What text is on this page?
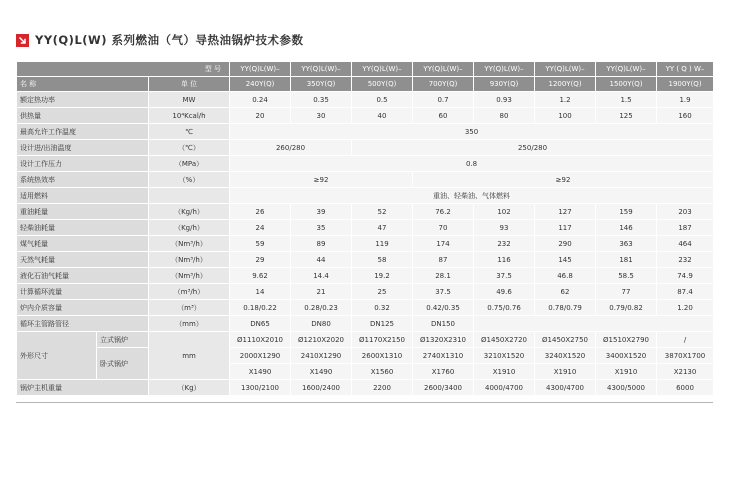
YY(Q)L(W) 系列燃油（气）导热油锅炉技术参数
型 号			YY(Q)L(W)–	YY(Q)L(W)–	YY(Q)L(W)–	YY(Q)L(W)–	YY(Q)L(W)–	YY(Q)L(W)–	YY(Q)L(W)–	YY ( Q ) W–
名 称		单 位	240Y(Q)	350Y(Q)	500Y(Q)	700Y(Q)	930Y(Q)	1200Y(Q)	1500Y(Q)	1900Y(Q)
额定热功率		MW	0.24	0.35	0.5	0.7	0.93	1.2	1.5	1.9
供热量		10⁴Kcal/h	20	30	40	60	80	100	125	160
最高允许工作温度		℃	350							
设计进/出油温度		（℃）	260/280		250/280					
设计工作压力		（MPa）	0.8							
系统热效率		（%）	≥92			≥92				
适用燃料			重油、轻柴油、气体燃料							
重油耗量		（Kg/h）	26	39	52	76.2	102	127	159	203
轻柴油耗量		（Kg/h）	24	35	47	70	93	117	146	187
煤气耗量		（Nm³/h）	59	89	119	174	232	290	363	464
天然气耗量		（Nm³/h）	29	44	58	87	116	145	181	232
液化石油气耗量		（Nm³/h）	9.62	14.4	19.2	28.1	37.5	46.8	58.5	74.9
计算循环流量		（m³/h）	14	21	25	37.5	49.6	62	77	87.4
炉内介质容量		（m³）	0.18/0.22	0.28/0.23	0.32	0.42/0.35	0.75/0.76	0.78/0.79	0.79/0.82	1.20
循环主管路管径		（mm）	DN65	DN80	DN125	DN150				
外形尺寸	立式锅炉	mm	Ø1110X2010	Ø1210X2020	Ø1170X2150	Ø1320X2310	Ø1450X2720	Ø1450X2750	Ø1510X2790	/
	卧式锅炉		2000X1290	2410X1290	2600X1310	2740X1310	3210X1520	3240X1520	3400X1520	3870X1700
			X1490	X1490	X1560	X1760	X1910	X1910	X1910	X2130
锅炉主机重量		（Kg）	1300/2100	1600/2400	2200	2600/3400	4000/4700	4300/4700	4300/5000	6000
